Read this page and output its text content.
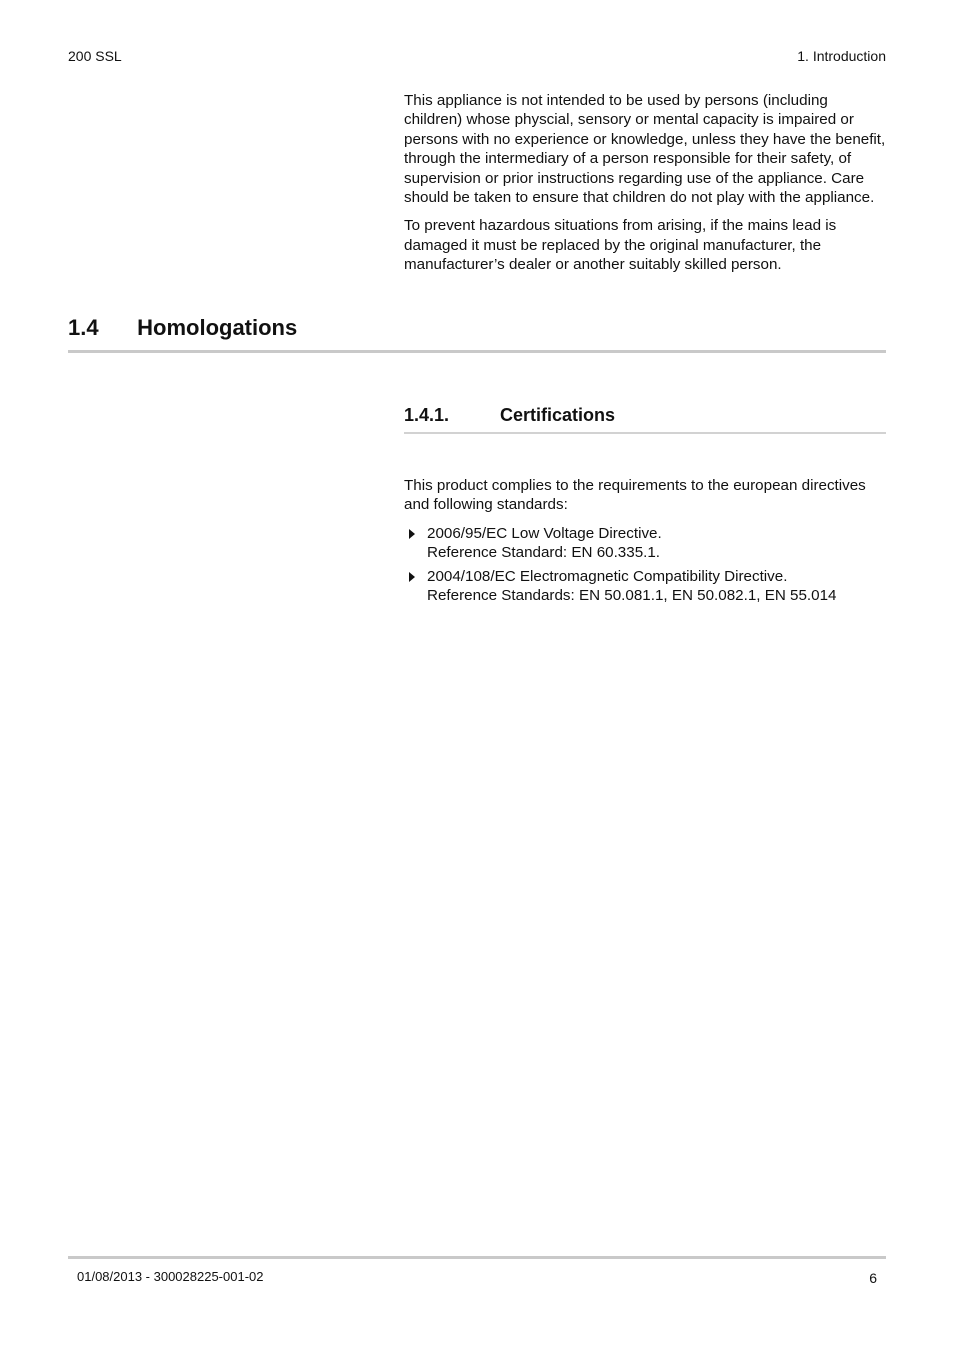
200 SSL	1. Introduction

This appliance is not intended to be used by persons (including children) whose physcial, sensory or mental capacity is impaired or persons with no experience or knowledge, unless they have the benefit, through the intermediary of a person responsible for their safety, of supervision or prior instructions regarding use of the appliance. Care should be taken to ensure that children do not play with the appliance.

To prevent hazardous situations from arising, if the mains lead is damaged it must be replaced by the original manufacturer, the manufacturer’s dealer or another suitably skilled person.

1.4 Homologations
1.4.1.	Certifications

This product complies to the requirements to the european directives and following standards:

2006/95/EC Low Voltage Directive.
Reference Standard: EN 60.335.1.
2004/108/EC Electromagnetic Compatibility Directive.
Reference Standards: EN 50.081.1, EN 50.082.1, EN 55.014
01/08/2013 - 300028225-001-02	6
